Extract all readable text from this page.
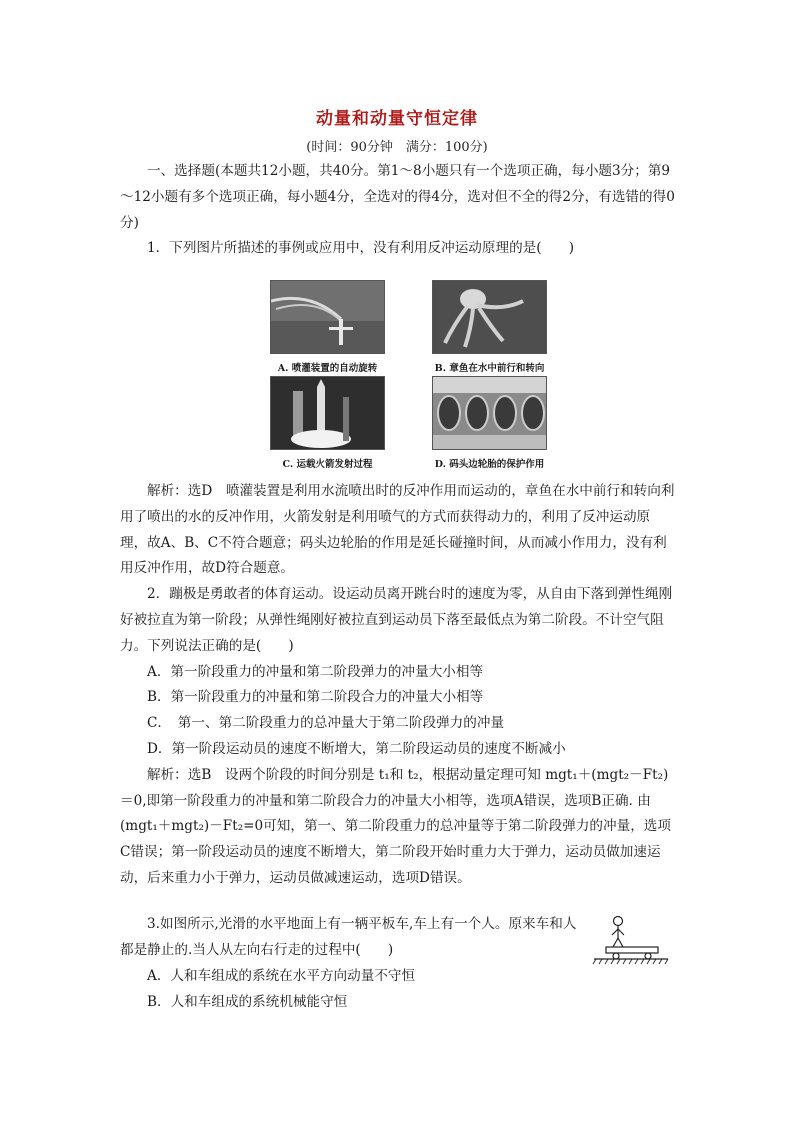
动量和动量守恒定律
(时间：90分钟　满分：100分)

一、选择题(本题共12小题，共40分。第1～8小题只有一个选项正确，每小题3分；第9～12小题有多个选项正确，每小题4分，全选对的得4分，选对但不全的得2分，有选错的得0分)

1．下列图片所描述的事例或应用中，没有利用反冲运动原理的是(　　)

A. 喷灌装置的自动旋转	B. 章鱼在水中前行和转向
C. 运载火箭发射过程	D. 码头边轮胎的保护作用

解析：选D　喷灌装置是利用水流喷出时的反冲作用而运动的，章鱼在水中前行和转向利用了喷出的水的反冲作用，火箭发射是利用喷气的方式而获得动力的，利用了反冲运动原理，故A、B、C不符合题意；码头边轮胎的作用是延长碰撞时间，从而减小作用力，没有利用反冲作用，故D符合题意。

2．蹦极是勇敢者的体育运动。设运动员离开跳台时的速度为零，从自由下落到弹性绳刚好被拉直为第一阶段；从弹性绳刚好被拉直到运动员下落至最低点为第二阶段。不计空气阻力。下列说法正确的是(　　)

A．第一阶段重力的冲量和第二阶段弹力的冲量大小相等

B．第一阶段重力的冲量和第二阶段合力的冲量大小相等

C．　第一、第二阶段重力的总冲量大于第二阶段弹力的冲量

D．第一阶段运动员的速度不断增大，第二阶段运动员的速度不断减小

解析：选B　设两个阶段的时间分别是 t₁和 t₂，根据动量定理可知 mgt₁＋(mgt₂－Ft₂)＝0,即第一阶段重力的冲量和第二阶段合力的冲量大小相等，选项A错误，选项B正确. 由(mgt₁＋mgt₂)－Ft₂=0可知，第一、第二阶段重力的总冲量等于第二阶段弹力的冲量，选项C错误；第一阶段运动员的速度不断增大，第二阶段开始时重力大于弹力，运动员做加速运动，后来重力小于弹力，运动员做减速运动，选项D错误。

3.如图所示,光滑的水平地面上有一辆平板车,车上有一个人。原来车和人都是静止的.当人从左向右行走的过程中(　　)

A．人和车组成的系统在水平方向动量不守恒

B．人和车组成的系统机械能守恒
